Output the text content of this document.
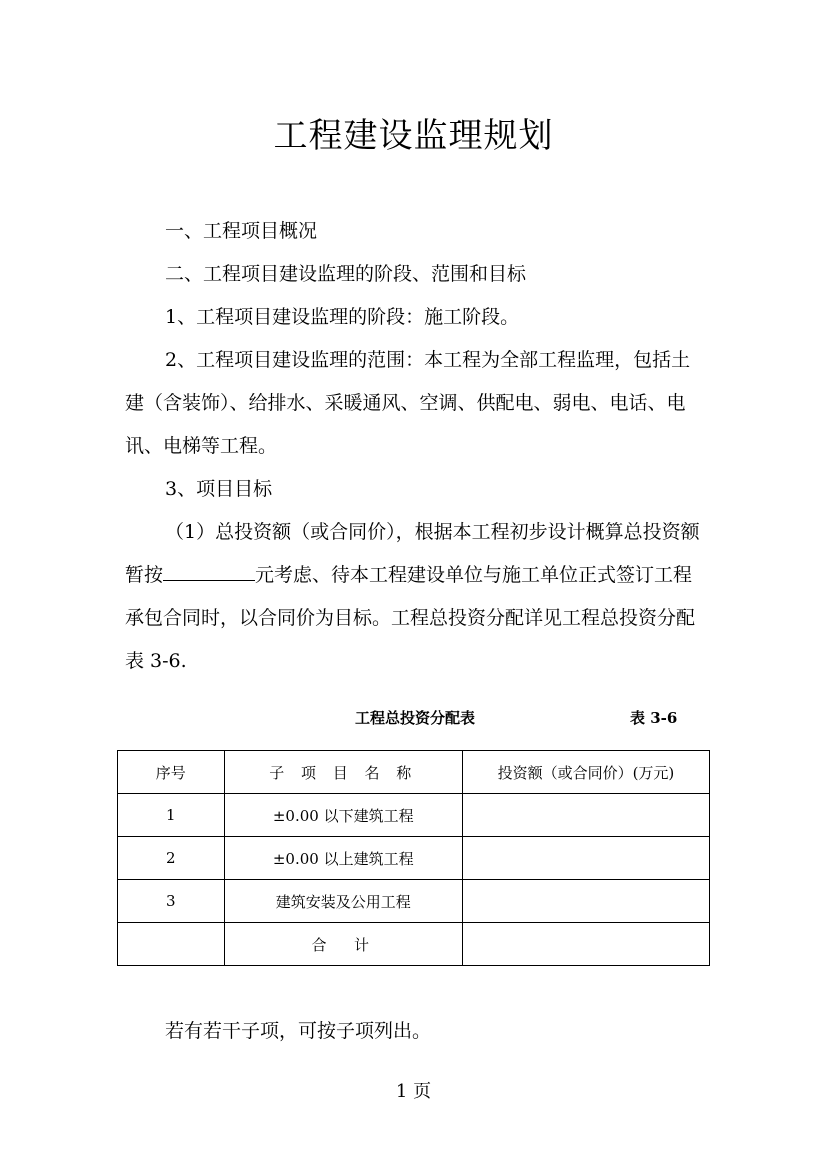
工程建设监理规划

一、工程项目概况

二、工程项目建设监理的阶段、范围和目标

1、工程项目建设监理的阶段：施工阶段。

2、工程项目建设监理的范围：本工程为全部工程监理，包括土建（含装饰）、给排水、采暖通风、空调、供配电、弱电、电话、电讯、电梯等工程。

3、项目目标

（1）总投资额（或合同价），根据本工程初步设计概算总投资额暂按	元考虑、待本工程建设单位与施工单位正式签订工程承包合同时，以合同价为目标。工程总投资分配详见工程总投资分配表 3-6.

工程总投资分配表	表 3-6
序号	子 项 目 名 称	投资额（或合同价）(万元)
1	±0.00 以下建筑工程	
2	±0.00 以上建筑工程	
3	建筑安装及公用工程	
	合  计	

若有若干子项，可按子项列出。

1 页
